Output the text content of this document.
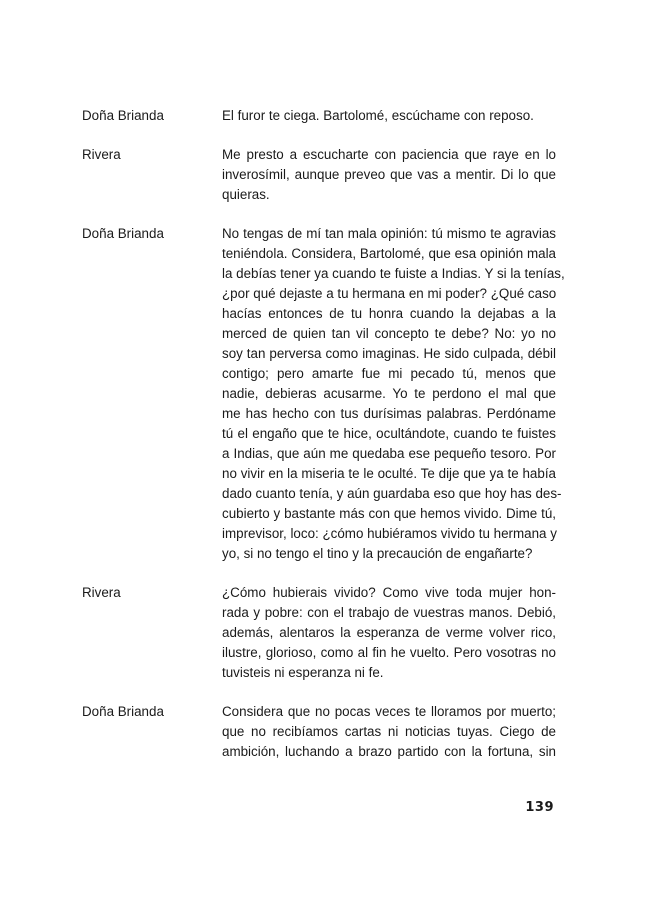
Doña Brianda	El furor te ciega. Bartolomé, escúchame con reposo.
Rivera	Me presto a escucharte con paciencia que raye en lo
inverosímil, aunque preveo que vas a mentir. Di lo que
quieras.
Doña Brianda	No tengas de mí tan mala opinión: tú mismo te agravias
teniéndola. Considera, Bartolomé, que esa opinión mala
la debías tener ya cuando te fuiste a Indias. Y si la tenías,
¿por qué dejaste a tu hermana en mi poder? ¿Qué caso
hacías entonces de tu honra cuando la dejabas a la
merced de quien tan vil concepto te debe? No: yo no
soy tan perversa como imaginas. He sido culpada, débil
contigo; pero amarte fue mi pecado tú, menos que
nadie, debieras acusarme. Yo te perdono el mal que
me has hecho con tus durísimas palabras. Perdóname
tú el engaño que te hice, ocultándote, cuando te fuistes
a Indias, que aún me quedaba ese pequeño tesoro. Por
no vivir en la miseria te le oculté. Te dije que ya te había
dado cuanto tenía, y aún guardaba eso que hoy has des-
cubierto y bastante más con que hemos vivido. Dime tú,
imprevisor, loco: ¿cómo hubiéramos vivido tu hermana y
yo, si no tengo el tino y la precaución de engañarte?
Rivera	¿Cómo hubierais vivido? Como vive toda mujer hon-
rada y pobre: con el trabajo de vuestras manos. Debió,
además, alentaros la esperanza de verme volver rico,
ilustre, glorioso, como al fin he vuelto. Pero vosotras no
tuvisteis ni esperanza ni fe.
Doña Brianda	Considera que no pocas veces te lloramos por muerto;
que no recibíamos cartas ni noticias tuyas. Ciego de
ambición, luchando a brazo partido con la fortuna, sin
139
